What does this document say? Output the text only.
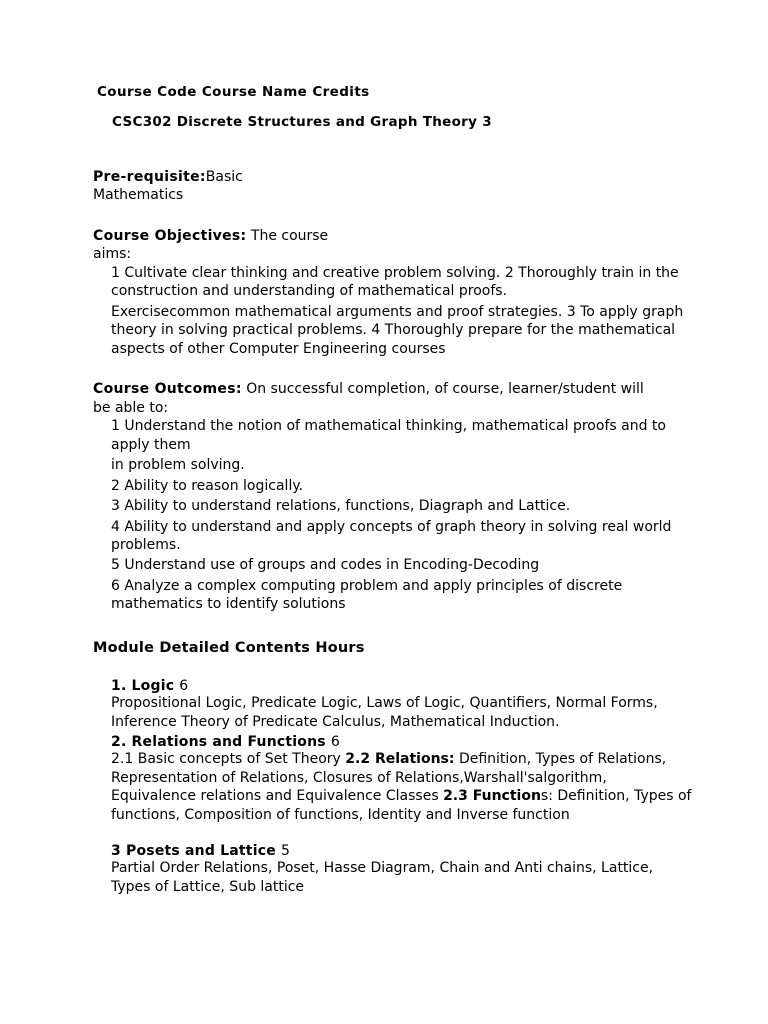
Course Code Course Name Credits
CSC302 Discrete Structures and Graph Theory 3
Pre-requisite:Basic
Mathematics
Course Objectives: The course
aims:
1 Cultivate clear thinking and creative problem solving. 2 Thoroughly train in the construction and understanding of mathematical proofs.
Exercisecommon mathematical arguments and proof strategies. 3 To apply graph theory in solving practical problems. 4 Thoroughly prepare for the mathematical aspects of other Computer Engineering courses
Course Outcomes: On successful completion, of course, learner/student will
be able to:
1 Understand the notion of mathematical thinking, mathematical proofs and to apply them
in problem solving.
2 Ability to reason logically.
3 Ability to understand relations, functions, Diagraph and Lattice.
4 Ability to understand and apply concepts of graph theory in solving real world problems.
5 Understand use of groups and codes in Encoding-Decoding
6 Analyze a complex computing problem and apply principles of discrete mathematics to identify solutions
Module Detailed Contents Hours
1. Logic 6
Propositional Logic, Predicate Logic, Laws of Logic, Quantifiers, Normal Forms, Inference Theory of Predicate Calculus, Mathematical Induction.
2. Relations and Functions 6
2.1 Basic concepts of Set Theory 2.2 Relations: Definition, Types of Relations, Representation of Relations, Closures of Relations,Warshall'salgorithm, Equivalence relations and Equivalence Classes 2.3 Functions: Definition, Types of functions, Composition of functions, Identity and Inverse function
3 Posets and Lattice 5
Partial Order Relations, Poset, Hasse Diagram, Chain and Anti chains, Lattice, Types of Lattice, Sub lattice
